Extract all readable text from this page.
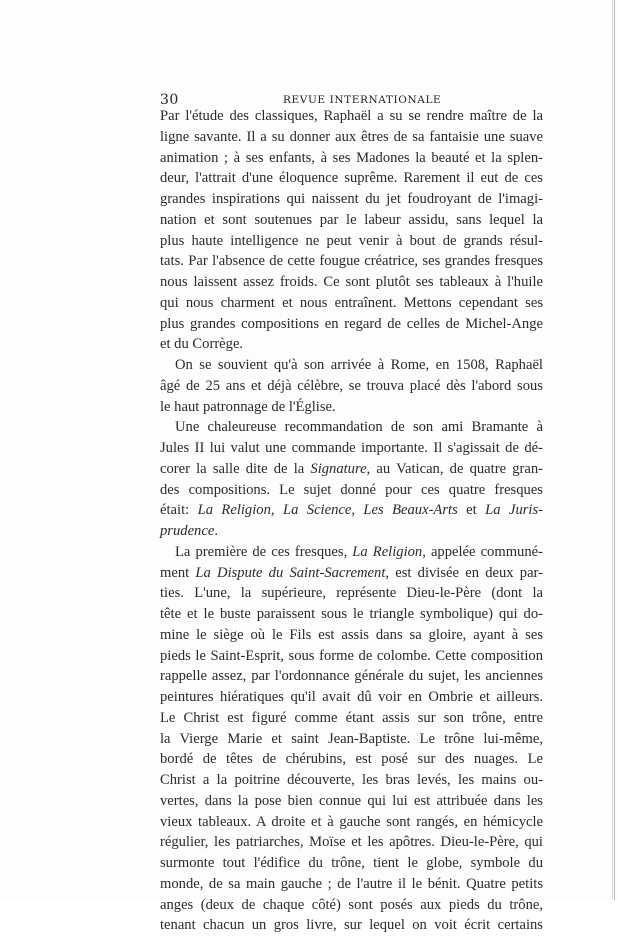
30	REVUE INTERNATIONALE

Par l'étude des classiques, Raphaël a su se rendre maître de la

ligne savante. Il a su donner aux êtres de sa fantaisie une suave

animation ; à ses enfants, à ses Madones la beauté et la splen-

deur, l'attrait d'une éloquence suprême. Rarement il eut de ces

grandes inspirations qui naissent du jet foudroyant de l'imagi-

nation et sont soutenues par le labeur assidu, sans lequel la

plus haute intelligence ne peut venir à bout de grands résul-

tats. Par l'absence de cette fougue créatrice, ses grandes fresques

nous laissent assez froids. Ce sont plutôt ses tableaux à l'huile

qui nous charment et nous entraînent. Mettons cependant ses

plus grandes compositions en regard de celles de Michel-Ange

et du Corrège.

On se souvient qu'à son arrivée à Rome, en 1508, Raphaël

âgé de 25 ans et déjà célèbre, se trouva placé dès l'abord sous

le haut patronnage de l'Église.

Une chaleureuse recommandation de son ami Bramante à

Jules II lui valut une commande importante. Il s'agissait de dé-

corer la salle dite de la Signature, au Vatican, de quatre gran-

des compositions. Le sujet donné pour ces quatre fresques

était: La Religion, La Science, Les Beaux-Arts et La Juris-

prudence.

La première de ces fresques, La Religion, appelée communé-

ment La Dispute du Saint-Sacrement, est divisée en deux par-

ties. L'une, la supérieure, représente Dieu-le-Père (dont la

tête et le buste paraissent sous le triangle symbolique) qui do-

mine le siège où le Fils est assis dans sa gloire, ayant à ses

pieds le Saint-Esprit, sous forme de colombe. Cette composition

rappelle assez, par l'ordonnance générale du sujet, les anciennes

peintures hiératiques qu'il avait dû voir en Ombrie et ailleurs.

Le Christ est figuré comme étant assis sur son trône, entre

la Vierge Marie et saint Jean-Baptiste. Le trône lui-même,

bordé de têtes de chérubins, est posé sur des nuages. Le

Christ a la poitrine découverte, les bras levés, les mains ou-

vertes, dans la pose bien connue qui lui est attribuée dans les

vieux tableaux. A droite et à gauche sont rangés, en hémicycle

régulier, les patriarches, Moïse et les apôtres. Dieu-le-Père, qui

surmonte tout l'édifice du trône, tient le globe, symbole du

monde, de sa main gauche ; de l'autre il le bénit. Quatre petits

anges (deux de chaque côté) sont posés aux pieds du trône,

tenant chacun un gros livre, sur lequel on voit écrit certains
